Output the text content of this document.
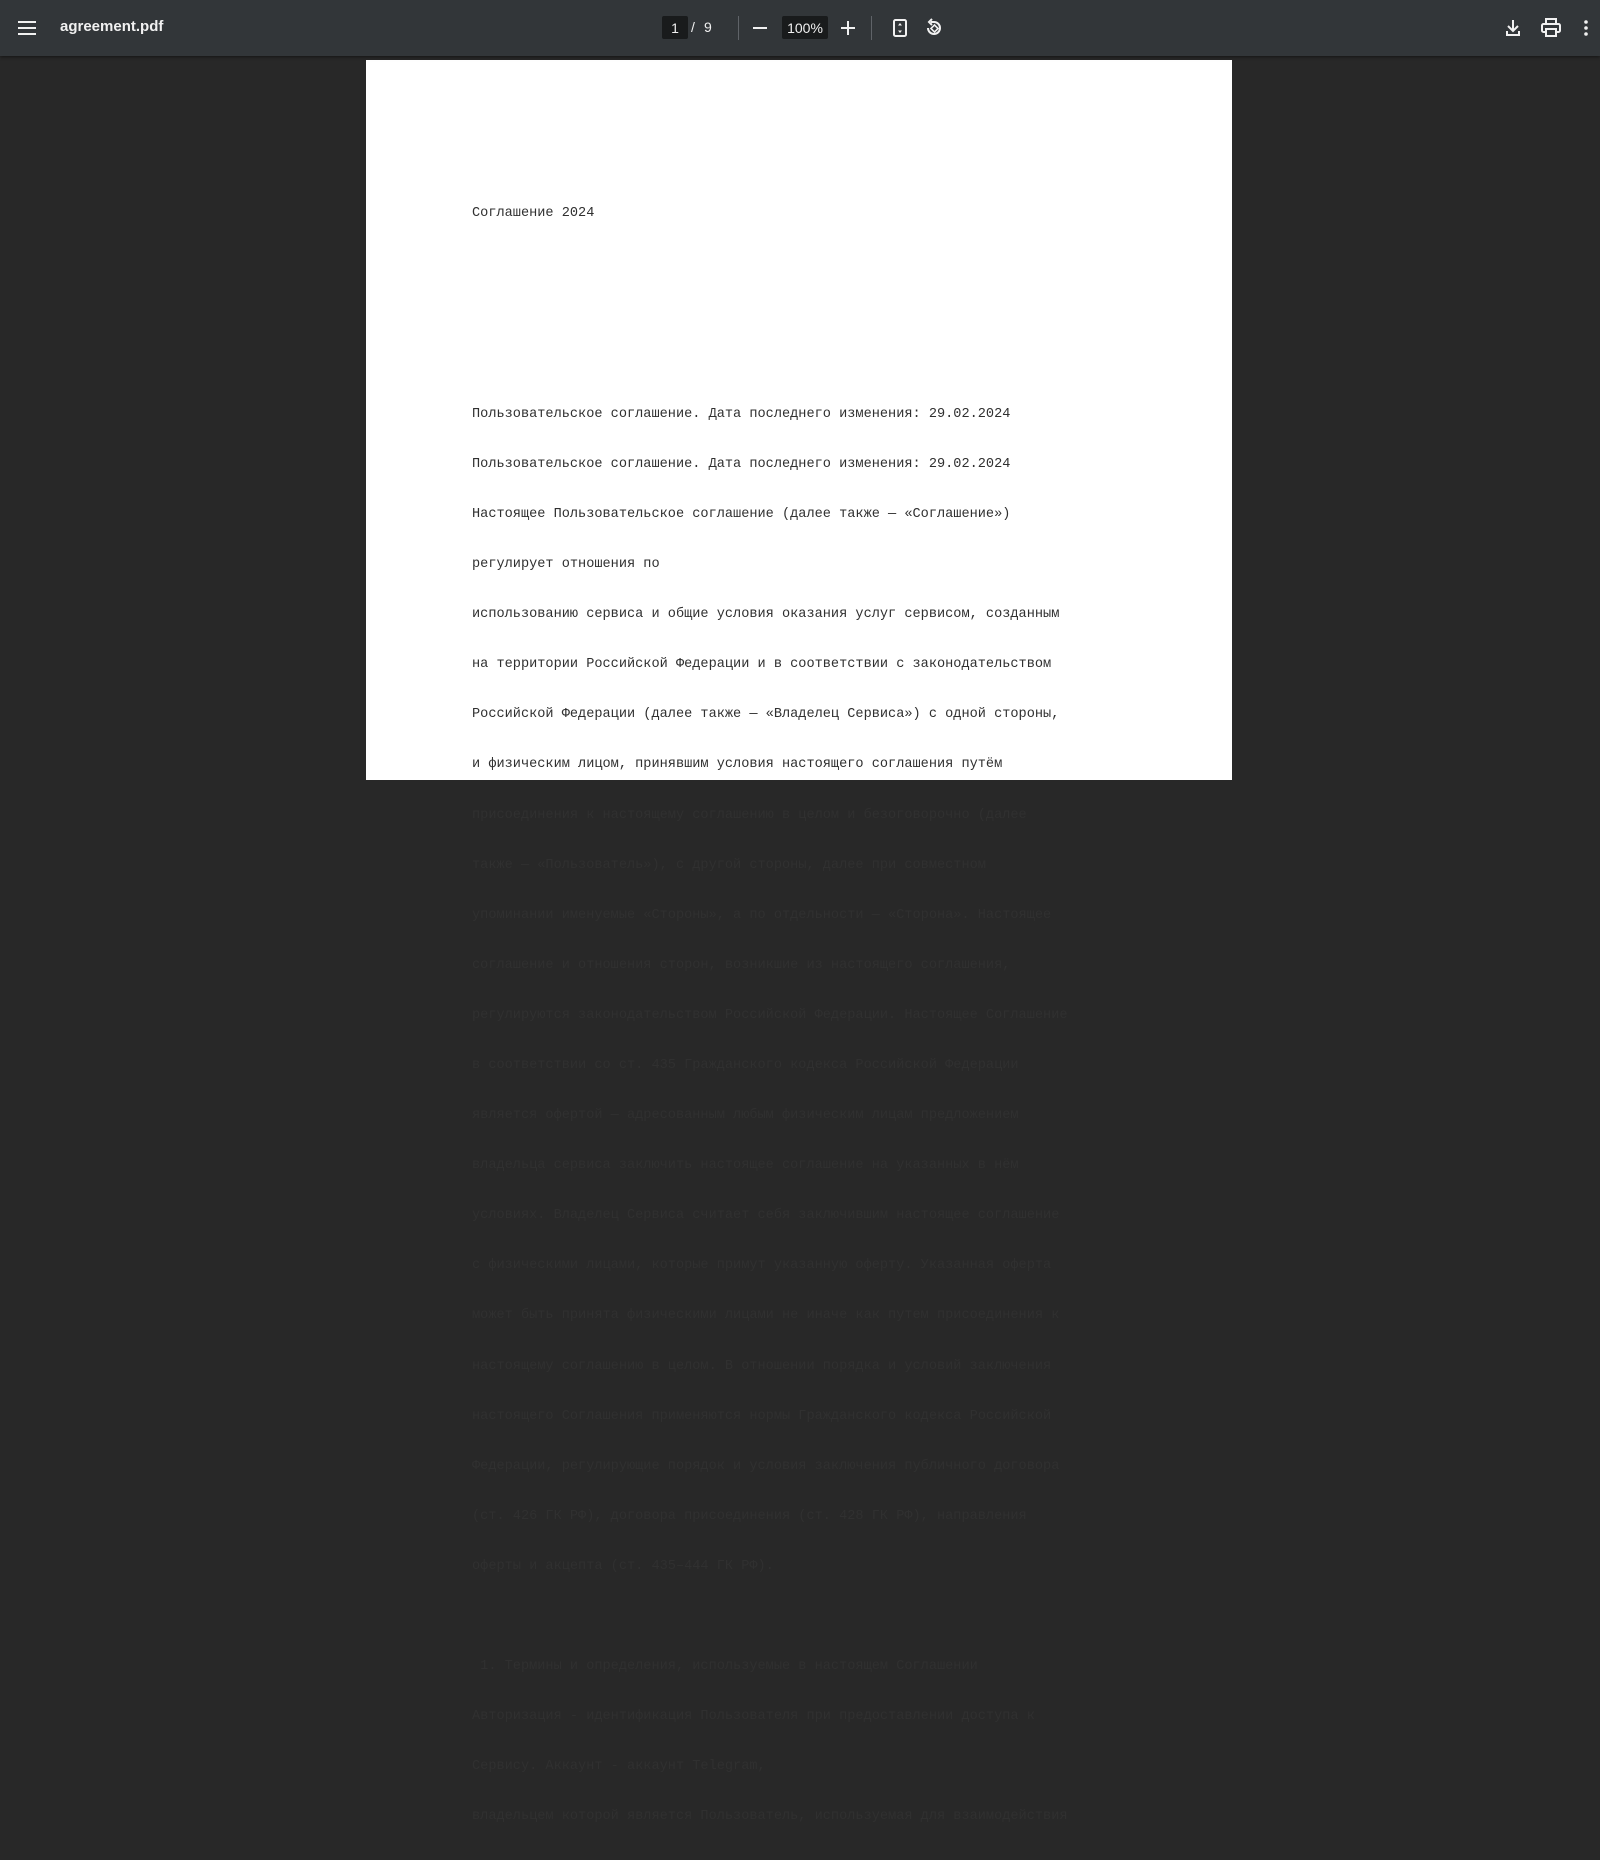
agreement.pdf
1	/ 9
100%

Соглашение 2024

Пользовательское соглашение. Дата последнего изменения: 29.02.2024

Пользовательское соглашение. Дата последнего изменения: 29.02.2024

Настоящее Пользовательское соглашение (далее также — «Соглашение»)

регулирует отношения по

использованию сервиса и общие условия оказания услуг сервисом, созданным

на территории Российской Федерации и в соответствии с законодательством

Российской Федерации (далее также — «Владелец Сервиса») с одной стороны,

и физическим лицом, принявшим условия настоящего соглашения путём

присоединения к настоящему соглашению в целом и безоговорочно (далее

также — «Пользователь»), с другой стороны, далее при совместном

упоминании именуемые «Стороны», а по отдельности — «Сторона». Настоящее

соглашение и отношения сторон, возникшие из настоящего соглашения,

регулируются законодательством Российской Федерации. Настоящее Соглашение

в соответствии со ст. 435 Гражданского кодекса Российской Федерации

является офертой — адресованным любым физическим лицам предложением

владельца сервиса заключить настоящее соглашение на указанных в нём

условиях. Владелец Сервиса считает себя заключившим настоящее соглашение

с физическими лицами, которые примут указанную оферту. Указанная оферта

может быть принята физическими лицами не иначе как путем присоединения к

настоящему соглашению в целом. В отношении порядка и условий заключения

настоящего Соглашения применяются нормы Гражданского кодекса Российской

Федерации, регулирующие порядок и условия заключения публичного договора

(ст. 426 ГК РФ), договора присоединения (ст. 428 ГК РФ), направления

оферты и акцепта (ст. 435–444 ГК РФ).

1. Термины и определения, используемые в настоящем Соглашении

Авторизация - идентификация Пользователя при предоставлении доступа к

Сервису. Аккаунт - аккаунт Telegram,

владельцем которой является Пользователь, используемая для взаимодействия
